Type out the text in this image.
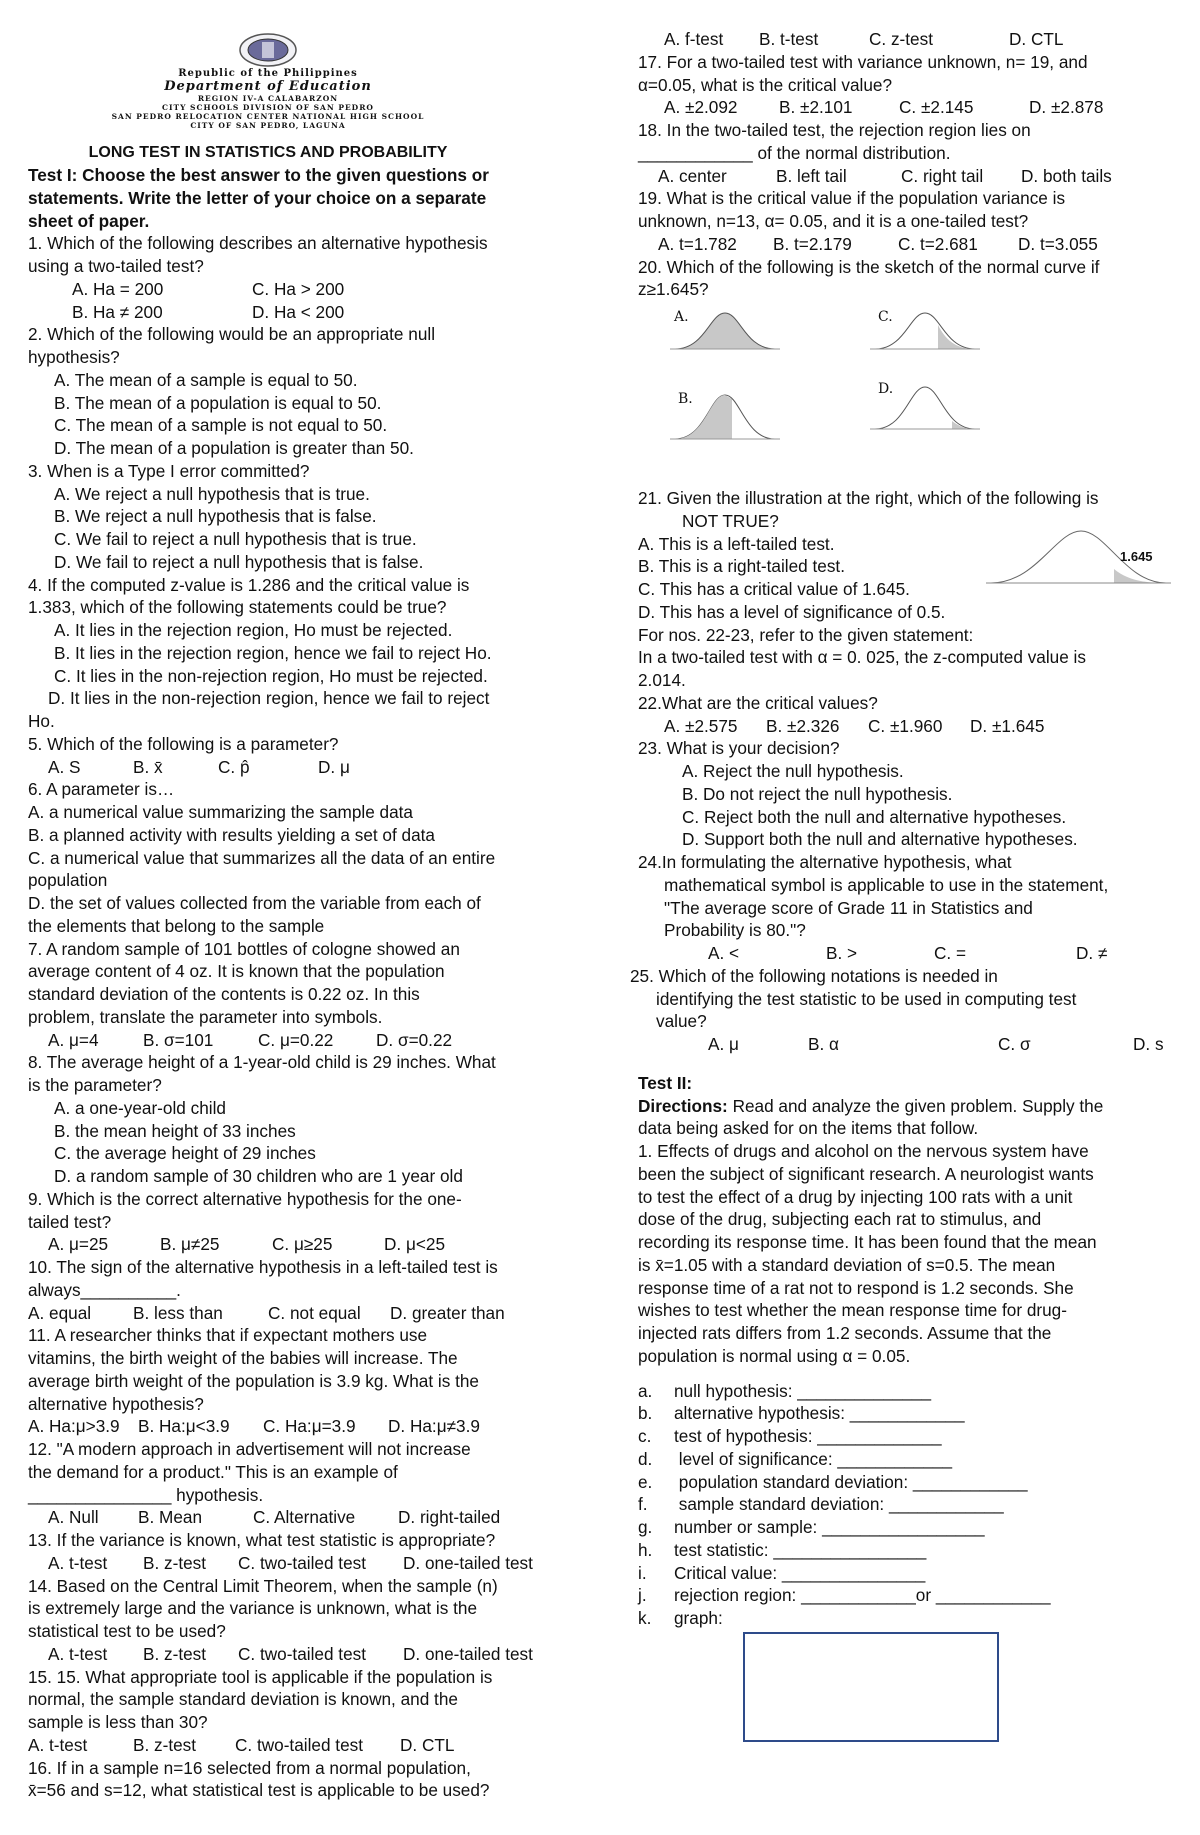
Republic of the Philippines
Department of Education
REGION IV-A CALABARZON
CITY SCHOOLS DIVISION OF SAN PEDRO
SAN PEDRO RELOCATION CENTER NATIONAL HIGH SCHOOL
CITY OF SAN PEDRO, LAGUNA
LONG TEST IN STATISTICS AND PROBABILITY
Test I: Choose the best answer to the given questions or
statements. Write the letter of your choice on a separate
sheet of paper.
1. Which of the following describes an alternative hypothesis
using a two-tailed test?
A. Ha = 200	C. Ha > 200
B. Ha ≠ 200	D. Ha < 200
2. Which of the following would be an appropriate null
hypothesis?
A. The mean of a sample is equal to 50.
B. The mean of a population is equal to 50.
C. The mean of a sample is not equal to 50.
D. The mean of a population is greater than 50.
3. When is a Type I error committed?
A. We reject a null hypothesis that is true.
B. We reject a null hypothesis that is false.
C. We fail to reject a null hypothesis that is true.
D. We fail to reject a null hypothesis that is false.
4. If the computed z-value is 1.286 and the critical value is
1.383, which of the following statements could be true?
A. It lies in the rejection region, Ho must be rejected.
B. It lies in the rejection region, hence we fail to reject Ho.
C. It lies in the non-rejection region, Ho must be rejected.
D. It lies in the non-rejection region, hence we fail to reject
Ho.
5. Which of the following is a parameter?
A. S	B. x̄	C. p̂	D. μ
6. A parameter is…
A. a numerical value summarizing the sample data
B. a planned activity with results yielding a set of data
C. a numerical value that summarizes all the data of an entire
population
D. the set of values collected from the variable from each of
the elements that belong to the sample
7. A random sample of 101 bottles of cologne showed an
average content of 4 oz. It is known that the population
standard deviation of the contents is 0.22 oz. In this
problem, translate the parameter into symbols.
A. μ=4	B. σ=101	C. μ=0.22	D. σ=0.22
8. The average height of a 1-year-old child is 29 inches. What
is the parameter?
A. a one-year-old child
B. the mean height of 33 inches
C. the average height of 29 inches
D. a random sample of 30 children who are 1 year old
9. Which is the correct alternative hypothesis for the one-
tailed test?
A. μ=25	B. μ≠25	C. μ≥25	D. μ<25
10. The sign of the alternative hypothesis in a left-tailed test is
always__________.
A. equal	B. less than	C. not equal	D. greater than
11. A researcher thinks that if expectant mothers use
vitamins, the birth weight of the babies will increase. The
average birth weight of the population is 3.9 kg. What is the
alternative hypothesis?
A. Ha:μ>3.9	B. Ha:μ<3.9	C. Ha:μ=3.9	D. Ha:μ≠3.9
12. "A modern approach in advertisement will not increase
the demand for a product." This is an example of
_______________ hypothesis.
A. Null	B. Mean	C. Alternative	D. right-tailed
13. If the variance is known, what test statistic is appropriate?
A. t-test	B. z-test	C. two-tailed test	D. one-tailed test
14. Based on the Central Limit Theorem, when the sample (n)
is extremely large and the variance is unknown, what is the
statistical test to be used?
A. t-test	B. z-test	C. two-tailed test	D. one-tailed test
15. 15. What appropriate tool is applicable if the population is
normal, the sample standard deviation is known, and the
sample is less than 30?
A. t-test	B. z-test	C. two-tailed test	D. CTL
16. If in a sample n=16 selected from a normal population,
x̄=56 and s=12, what statistical test is applicable to be used?
A. f-test	B. t-test	C. z-test	D. CTL
17. For a two-tailed test with variance unknown, n= 19, and
α=0.05, what is the critical value?
A. ±2.092	B. ±2.101	C. ±2.145	D. ±2.878
18. In the two-tailed test, the rejection region lies on
____________ of the normal distribution.
A. center	B. left tail	C. right tail	D. both tails
19. What is the critical value if the population variance is
unknown, n=13, α= 0.05, and it is a one-tailed test?
A. t=1.782	B. t=2.179	C. t=2.681	D. t=3.055
20. Which of the following is the sketch of the normal curve if
z≥1.645?
A.	C.
B.
D.
21. Given the illustration at the right, which of the following is
NOT TRUE?
A. This is a left-tailed test.
B. This is a right-tailed test.
C. This has a critical value of 1.645.
D. This has a level of significance of 0.5.
For nos. 22-23, refer to the given statement:
In a two-tailed test with α = 0. 025, the z-computed value is
2.014.
22.What are the critical values?
A. ±2.575	B. ±2.326	C. ±1.960	D. ±1.645
23. What is your decision?
A. Reject the null hypothesis.
B. Do not reject the null hypothesis.
C. Reject both the null and alternative hypotheses.
D. Support both the null and alternative hypotheses.
24.In formulating the alternative hypothesis, what
mathematical symbol is applicable to use in the statement,
"The average score of Grade 11 in Statistics and
Probability is 80."?
A. <	B. >	C. =	D. ≠
25. Which of the following notations is needed in
identifying the test statistic to be used in computing test
value?
A. μ	B. α	C. σ	D. s
1.645
Test II:
Directions: Read and analyze the given problem. Supply the
data being asked for on the items that follow.
1. Effects of drugs and alcohol on the nervous system have
been the subject of significant research. A neurologist wants
to test the effect of a drug by injecting 100 rats with a unit
dose of the drug, subjecting each rat to stimulus, and
recording its response time. It has been found that the mean
is x̄=1.05 with a standard deviation of s=0.5. The mean
response time of a rat not to respond is 1.2 seconds. She
wishes to test whether the mean response time for drug-
injected rats differs from 1.2 seconds. Assume that the
population is normal using α = 0.05.
a. null hypothesis: ______________
b. alternative hypothesis: ____________
c. test of hypothesis: _____________
d. level of significance: ____________
e. population standard deviation: ____________
f. sample standard deviation: ____________
g. number or sample: _________________
h. test statistic: ________________
i. Critical value: _______________
j. rejection region: ____________or ____________
k. graph:
